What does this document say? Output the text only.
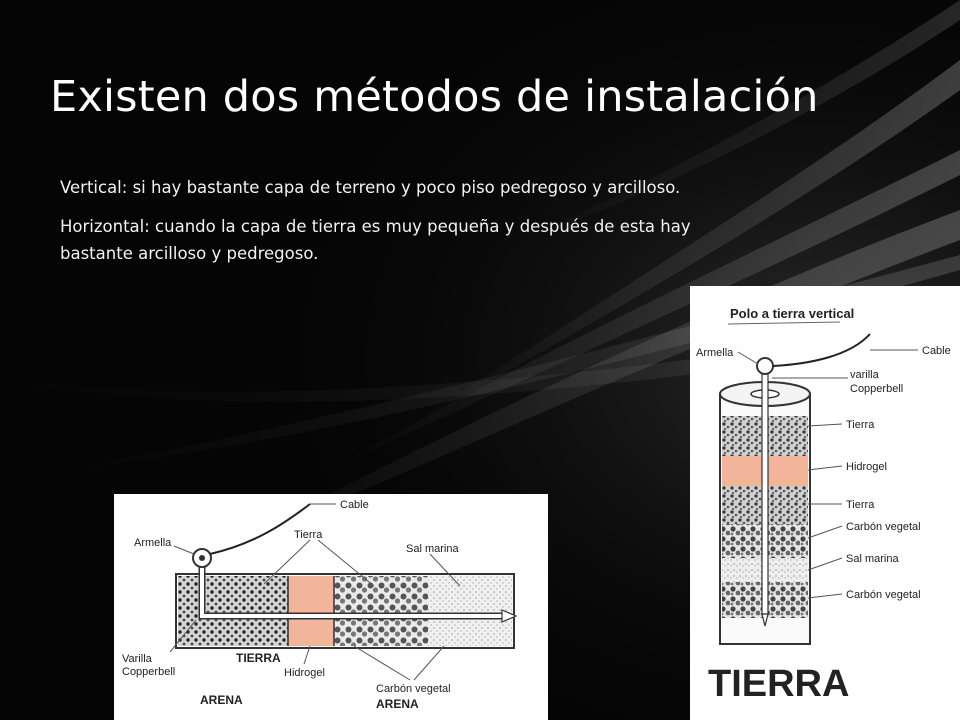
Existen dos métodos de instalación

Vertical: si hay bastante capa de terreno y poco piso pedregoso y arcilloso.

Horizontal: cuando la capa de tierra es muy pequeña y después de esta hay bastante arcilloso y pedregoso.

Polo a tierra vertical
Armella	Cable
varilla
Copperbell
Tierra
Hidrogel
Tierra
Carbón vegetal
Sal marina
Carbón vegetal
TIERRA
Cable
Armella
Tierra
Sal marina
Varilla
Copperbell
TIERRA
Hidrogel
Carbón vegetal
ARENA	ARENA
